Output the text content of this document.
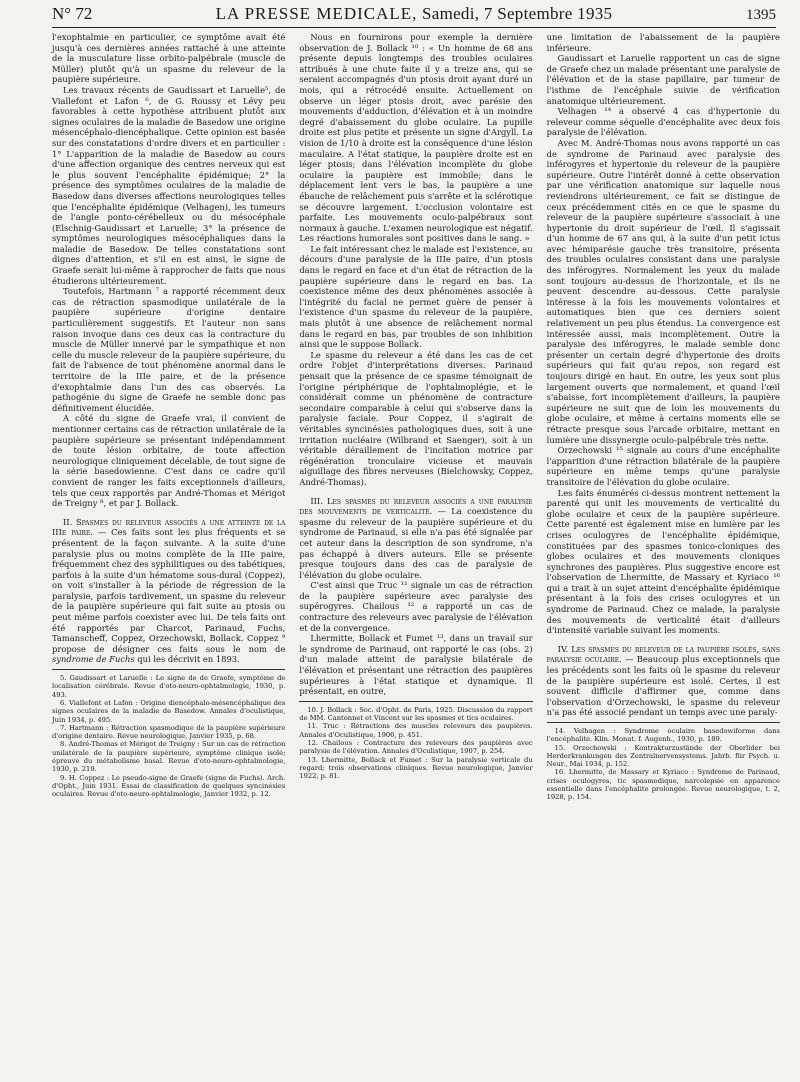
N° 72	LA PRESSE MEDICALE, Samedi, 7 Septembre 1935	1395

l'exophtalmie en particulier, ce symptôme avait été jusqu'à ces dernières années rattaché à une atteinte de la musculature lisse orbito-palpébrale (muscle de Müller) plutôt qu'à un spasme du releveur de la paupière supérieure.

Les travaux récents de Gaudissart et Laruelle⁵, de Viallefont et Lafon ⁶, de G. Roussy et Lévy peu favorables à cette hypothèse attribuent plutôt aux signes oculaires de la maladie de Basedow une origine mésencéphalo-diencéphalique. Cette opinion est basée sur des constatations d'ordre divers et en particulier : 1° L'apparition de la maladie de Basedow au cours d'une affection organique des centres nerveux qui est le plus souvent l'encéphalite épidémique; 2° la présence des symptômes oculaires de la maladie de Basedow dans diverses affections neurologiques telles que l'encéphalite épidémique (Velhagen), les tumeurs de l'angle ponto-cérébelleux ou du mésocéphale (Elschnig-Gaudissart et Laruelle; 3° la présence de symptômes neurologiques mésocéphaliques dans la maladie de Basedow. De telles constatations sont dignes d'attention, et s'il en est ainsi, le signe de Graefe serait lui-même à rapprocher de faits que nous étudierons ultérieurement.

Toutefois, Hartmann ⁷ a rapporté récemment deux cas de rétraction spasmodique unilatérale de la paupière supérieure d'origine dentaire particulièrement suggestifs. Et l'auteur non sans raison invoque dans ces deux cas la contracture du muscle de Müller innervé par le sympathique et non celle du muscle releveur de la paupière supérieure, du fait de l'absence de tout phénomène anormal dans le territoire de la IIIe paire, et de la présence d'exophtalmie dans l'un des cas observés. La pathogénie du signe de Graefe ne semble donc pas définitivement élucidée.

A côté du signe de Graefe vrai, il convient de mentionner certains cas de rétraction unilatérale de la paupière supérieure se présentant indépendamment de toute lésion orbitaire, de toute affection neurologique cliniquement décelable, de tout signe de la série basedowienne. C'est dans ce cadre qu'il convient de ranger les faits exceptionnels d'ailleurs, tels que ceux rapportés par André-Thomas et Mérigot de Treigny ⁸, et par J. Bollack.

II. Spasmes du releveur associés a une atteinte de la IIIe paire. — Ces faits sont les plus fréquents et se présentent de la façon suivante. A la suite d'une paralysie plus ou moins complète de la IIIe paire, fréquemment chez des syphilitiques ou des tabétiques, parfois à la suite d'un hématome sous-dural (Coppez), on voit s'installer à la période de régression de la paralysie, parfois tardivement, un spasme du releveur de la paupière supérieure qui fait suite au ptosis ou peut même parfois coexister avec lui. De tels faits ont été rapportés par Charcot, Parinaud, Fuchs, Tamanscheff, Coppez, Orzechowski, Bollack. Coppez ⁹ propose de désigner ces faits sous le nom de syndrome de Fuchs qui les décrivit en 1893.

5. Gaudissart et Laruelle : Le signe de de Graefe, symptôme de localisation cérébrale. Revue d'oto-neuro-ophtalmologie, 1930, p. 493.
6. Viallefont et Lafon : Origine diencéphalo-mésencéphalique des signes oculaires de la maladie de Basedow. Annales d'oculistique, Juin 1934, p. 495.
7. Hartmann : Rétraction spasmodique de la paupière supérieure d'origine dentaire. Revue neurologique, Janvier 1935, p. 68.
8. André-Thomas et Mérigot de Treigny : Sur un cas de rétraction unilatérale de la paupière supérieure, symptôme clinique isolé; épreuve du métabolisme basal. Revue d'oto-neuro-ophtalmologie, 1930, p. 219.
9. H. Coppez : Le pseudo-signe de Graefe (signe de Fuchs). Arch. d'Opht., Juin 1931. Essai de classification de quelques syncinésies oculaires. Revue d'oto-neuro-ophtalmologie, Janvier 1932, p. 12.

Nous en fournirons pour exemple la dernière observation de J. Bollack ¹⁰ : « Un homme de 68 ans présente depuis longtemps des troubles oculaires attribués à une chute faite il y a treize ans, qui se seraient accompagnés d'un ptosis droit ayant duré un mois, qui a rétrocédé ensuite. Actuellement on observe un léger ptosis droit, avec parésie des mouvements d'adduction, d'élévation et à un moindre degré d'abaissement du globe oculaire. La pupille droite est plus petite et présente un signe d'Argyll. La vision de 1/10 à droite est la conséquence d'une lésion maculaire. A l'état statique, la paupière droite est en léger ptosis; dans l'élévation incomplète du globe oculaire la paupière est immobile; dans le déplacement lent vers le bas, la paupière a une ébauche de relâchement puis s'arrête et la sclérotique se découvre largement. L'occlusion volontaire est parfaite. Les mouvements oculo-palpébraux sont normaux à gauche. L'examen neurologique est négatif. Les réactions humorales sont positives dans le sang. »

Le fait intéressant chez le malade est l'existence, au décours d'une paralysie de la IIIe paire, d'un ptosis dans le regard en face et d'un état de rétraction de la paupière supérieure dans le regard en bas. La coexistence même des deux phénomènes associée à l'intégrité du facial ne permet guère de penser à l'existence d'un spasme du releveur de la paupière, mais plutôt à une absence de relâchement normal dans le regard en bas, par troubles de son inhibition ainsi que le suppose Bollack.

Le spasme du releveur a été dans les cas de cet ordre l'objet d'interprétations diverses. Parinaud pensait que la présence de ce spasme témoignait de l'origine périphérique de l'ophtalmoplégie, et le considérait comme un phénomène de contracture secondaire comparable à celui qui s'observe dans la paralysie faciale. Pour Coppez, il s'agirait de véritables syncinésies pathologiques dues, soit à une irritation nucléaire (Wilbrand et Saenger), soit à un véritable déraillement de l'incitation motrice par régénération tronculaire vicieuse et mauvais aiguillage des fibres nerveuses (Bielchowsky, Coppez, André-Thomas).

III. Les spasmes du releveur associés a une paralysie des mouvements de verticalité. — La coexistence du spasme du releveur de la paupière supérieure et du syndrome de Parinaud, si elle n'a pas été signalée par cet auteur dans la description de son syndrome, n'a pas échappé à divers auteurs. Elle se présente presque toujours dans des cas de paralysie de l'élévation du globe oculaire.

C'est ainsi que Truc ¹¹ signale un cas de rétraction de la paupière supérieure avec paralysie des supérogyres. Chailous ¹² a rapporté un cas de contracture des releveurs avec paralysie de l'élévation et de la convergence.

Lhermitte, Bollack et Fumet ¹³, dans un travail sur le syndrome de Parinaud, ont rapporté le cas (obs. 2) d'un malade atteint de paralysie bilatérale de l'élévation et présentant une rétraction des paupières supérieures à l'état statique et dynamique. Il présentait, en outre,

10. J. Bollack : Soc. d'Opht. de Paris, 1925. Discussion du rapport de MM. Cantonnet et Vincent sur les spasmes et tics oculaires.
11. Truc : Rétractions des muscles releveurs des paupières. Annales d'Oculistique, 1906, p. 451.
12. Chailous : Contracture des releveurs des paupières avec paralysie de l'élévation. Annales d'Oculistique, 1907, p. 254.
13. Lhermitte, Bollack et Fumet : Sur la paralysie verticale du regard; trois observations cliniques. Revue neurologique, Janvier 1922, p. 81.

une limitation de l'abaissement de la paupière inférieure.

Gaudissart et Laruelle rapportent un cas de signe de Graefe chez un malade présentant une paralysie de l'élévation et de la stase papillaire, par tumeur de l'isthme de l'encéphale suivie de vérification anatomique ultérieurement.

Velhagen ¹⁴ a observé 4 cas d'hypertonie du releveur comme séquelle d'encéphalite avec deux fois paralysie de l'élévation.

Avec M. André-Thomas nous avons rapporté un cas de syndrome de Parinaud avec paralysie des inférogyres et hypertonie du releveur de la paupière supérieure. Outre l'intérêt donné à cette observation par une vérification anatomique sur laquelle nous reviendrons ultérieurement, ce fait se distingue de ceux précédemment cités en ce que le spasme du releveur de la paupière supérieure s'associait à une hypertonie du droit supérieur de l'œil. Il s'agissait d'un homme de 67 ans qui, à la suite d'un petit ictus avec hémiparésie gauche très transitoire, présenta des troubles oculaires consistant dans une paralysie des inférogyres. Normalement les yeux du malade sont toujours au-dessus de l'horizontale, et ils ne peuvent descendre au-dessous. Cette paralysie intéresse à la fois les mouvements volontaires et automatiques bien que ces derniers soient relativement un peu plus étendus. La convergence est intéressée aussi, mais incomplètement. Outre la paralysie des inférogyres, le malade semble donc présenter un certain degré d'hypertonie des droits supérieurs qui fait qu'au repos, son regard est toujours dirigé en haut. En outre, les yeux sont plus largement ouverts que normalement, et quand l'œil s'abaisse, fort incomplètement d'ailleurs, la paupière supérieure ne suit que de loin les mouvements du globe oculaire, et même à certains moments elle se rétracte presque sous l'arcade orbitaire, mettant en lumière une dissynergie oculo-palpébrale très nette.

Orzechowski ¹⁵ signale au cours d'une encéphalite l'apparition d'une rétraction bilatérale de la paupière supérieure en même temps qu'une paralysie transitoire de l'élévation du globe oculaire.

Les faits énumérés ci-dessus montrent nettement la parenté qui unit les mouvements de verticalité du globe oculaire et ceux de la paupière supérieure. Cette parenté est également mise en lumière par les crises oculogyres de l'encéphalite épidémique, constituées par des spasmes tonico-cloniques des globes oculaires et des mouvements cloniques synchrones des paupières. Plus suggestive encore est l'observation de Lhermitte, de Massary et Kyriaco ¹⁶ qui a trait à un sujet atteint d'encéphalite épidémique présentant à la fois des crises oculogyres et un syndrome de Parinaud. Chez ce malade, la paralysie des mouvements de verticalité était d'ailleurs d'intensité variable suivant les moments.

IV. Les spasmes du releveur de la paupière isolés, sans paralysie oculaire. — Beaucoup plus exceptionnels que les précédents sont les faits où le spasme du releveur de la paupière supérieure est isolé. Certes, il est souvent difficile d'affirmer que, comme dans l'observation d'Orzechowski, le spasme du releveur n'a pas été associé pendant un temps avec une paraly-

14. Velhagen : Syndrome oculaire basedowiforme dans l'encéphalite. Klin. Monat. f. Augenh., 1930, p. 189.
15. Orzechowski : Kontrakturzustände der Oberlider bei Herderkrankungen des Zentralnervensystems. Jahrb. für Psych. u. Neur., Mai 1934, p. 152.
16. Lhermitte, de Massary et Kyriaco : Syndrome de Parinaud, crises oculogyres, tic spasmodique, narcolepsie en apparence essentielle dans l'encéphalite prolongée. Revue neurologique, t. 2, 1928, p. 154.
